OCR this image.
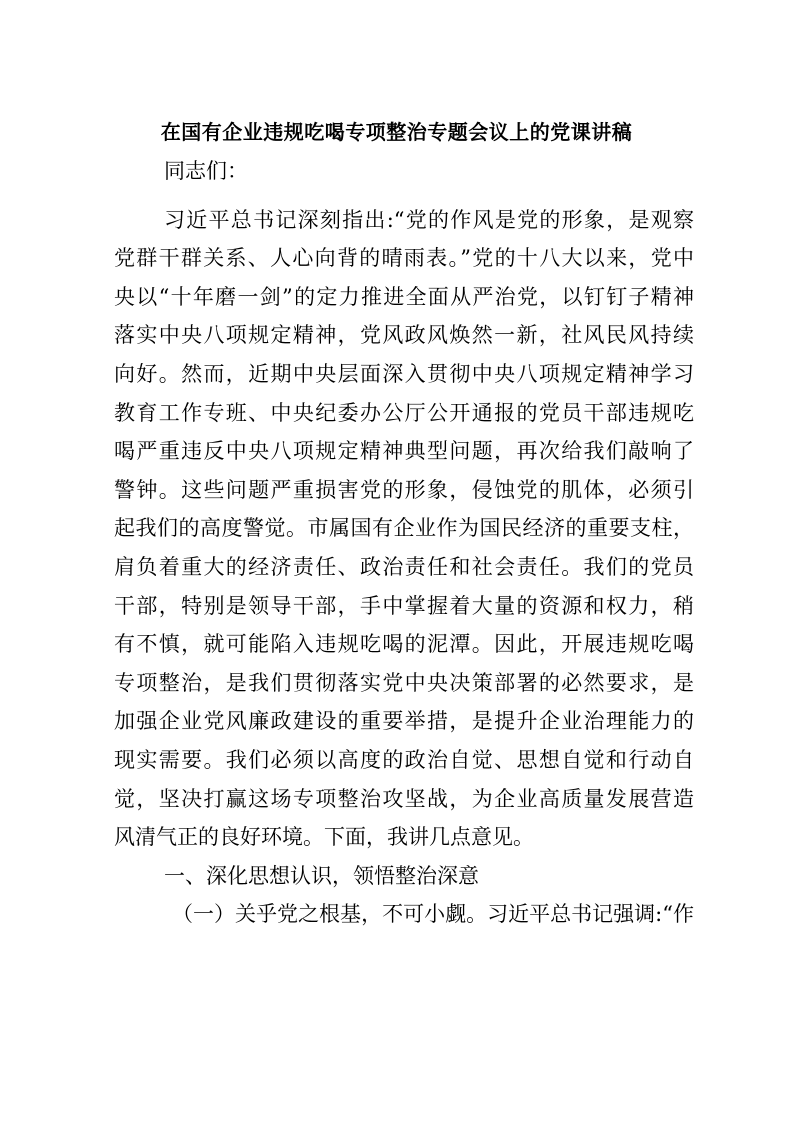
在国有企业违规吃喝专项整治专题会议上的党课讲稿
同志们：
习近平总书记深刻指出:“党的作风是党的形象，是观察
党群干群关系、人心向背的晴雨表。”党的十八大以来，党中
央以“十年磨一剑”的定力推进全面从严治党，以钉钉子精神
落实中央八项规定精神，党风政风焕然一新，社风民风持续
向好。然而，近期中央层面深入贯彻中央八项规定精神学习
教育工作专班、中央纪委办公厅公开通报的党员干部违规吃
喝严重违反中央八项规定精神典型问题，再次给我们敲响了
警钟。这些问题严重损害党的形象，侵蚀党的肌体，必须引
起我们的高度警觉。市属国有企业作为国民经济的重要支柱，
肩负着重大的经济责任、政治责任和社会责任。我们的党员
干部，特别是领导干部，手中掌握着大量的资源和权力，稍
有不慎，就可能陷入违规吃喝的泥潭。因此，开展违规吃喝
专项整治，是我们贯彻落实党中央决策部署的必然要求，是
加强企业党风廉政建设的重要举措，是提升企业治理能力的
现实需要。我们必须以高度的政治自觉、思想自觉和行动自
觉，坚决打赢这场专项整治攻坚战，为企业高质量发展营造
风清气正的良好环境。下面，我讲几点意见。
一、深化思想认识，领悟整治深意
（一）关乎党之根基，不可小觑。习近平总书记强调:“作
